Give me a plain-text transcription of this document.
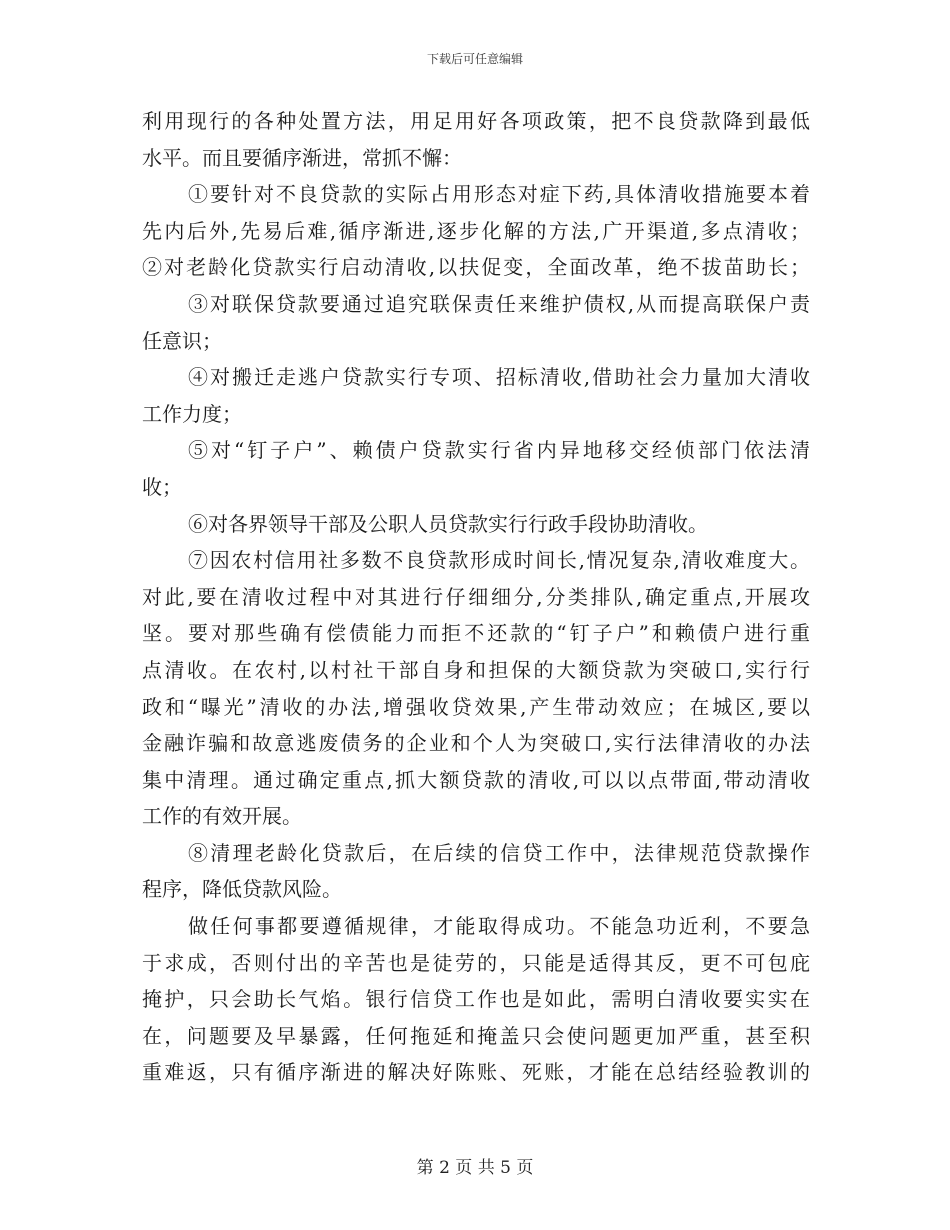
下载后可任意编辑
利用现行的各种处置方法，用足用好各项政策，把不良贷款降到最低
水平。而且要循序渐进，常抓不懈：
①要针对不良贷款的实际占用形态对症下药,具体清收措施要本着
先内后外,先易后难,循序渐进,逐步化解的方法,广开渠道,多点清收；
②对老龄化贷款实行启动清收,以扶促变，全面改革，绝不拔苗助长；
③对联保贷款要通过追究联保责任来维护债权,从而提高联保户责
任意识；
④对搬迁走逃户贷款实行专项、招标清收,借助社会力量加大清收
工作力度；
⑤对“钉子户”、赖债户贷款实行省内异地移交经侦部门依法清
收；
⑥对各界领导干部及公职人员贷款实行行政手段协助清收。
⑦因农村信用社多数不良贷款形成时间长,情况复杂,清收难度大。
对此,要在清收过程中对其进行仔细细分,分类排队,确定重点,开展攻
坚。要对那些确有偿债能力而拒不还款的“钉子户”和赖债户进行重
点清收。在农村,以村社干部自身和担保的大额贷款为突破口,实行行
政和“曝光”清收的办法,增强收贷效果,产生带动效应；在城区,要以
金融诈骗和故意逃废债务的企业和个人为突破口,实行法律清收的办法
集中清理。通过确定重点,抓大额贷款的清收,可以以点带面,带动清收
工作的有效开展。
⑧清理老龄化贷款后，在后续的信贷工作中，法律规范贷款操作
程序，降低贷款风险。
做任何事都要遵循规律，才能取得成功。不能急功近利，不要急
于求成，否则付出的辛苦也是徒劳的，只能是适得其反，更不可包庇
掩护，只会助长气焰。银行信贷工作也是如此，需明白清收要实实在
在，问题要及早暴露，任何拖延和掩盖只会使问题更加严重，甚至积
重难返，只有循序渐进的解决好陈账、死账，才能在总结经验教训的
第 2 页 共 5 页
